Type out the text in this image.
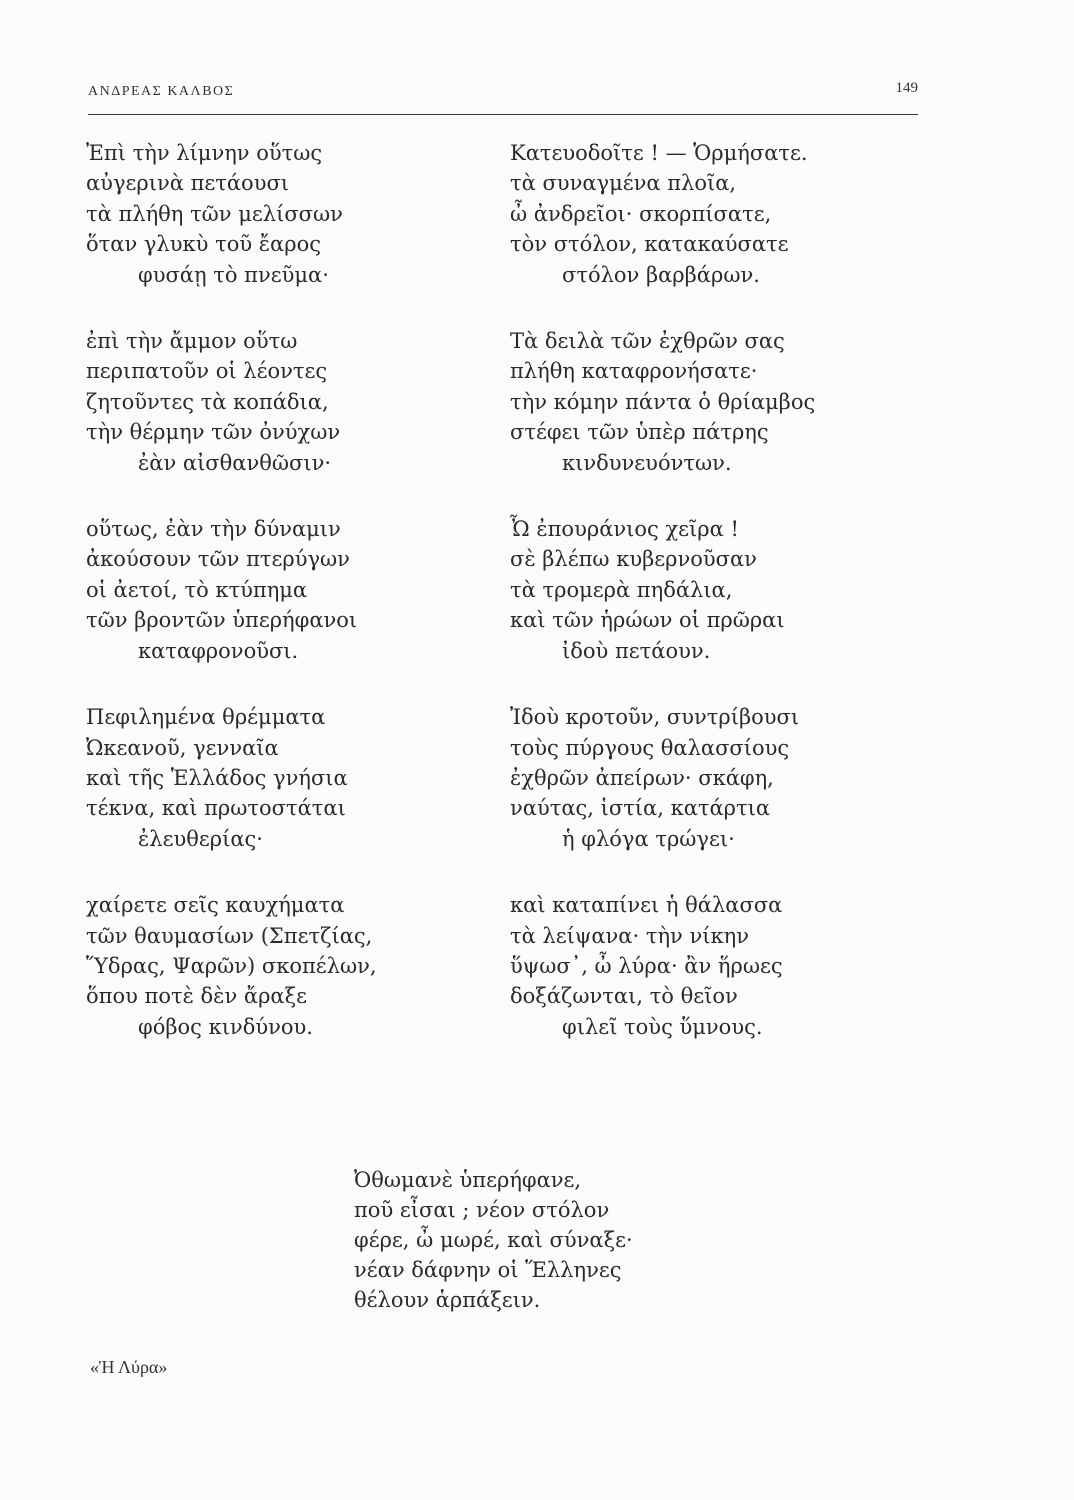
ΑΝΔΡΕΑΣ ΚΑΛΒΟΣ	149
Ἐπὶ τὴν λίμνην οὕτως
αὐγερινὰ πετάουσι
τὰ πλήθη τῶν μελίσσων
ὅταν γλυκὺ τοῦ ἔαρος
φυσάῃ τὸ πνεῦμα·
ἐπὶ τὴν ἄμμον οὕτω
περιπατοῦν οἱ λέοντες
ζητοῦντες τὰ κοπάδια,
τὴν θέρμην τῶν ὀνύχων
ἐὰν αἰσθανθῶσιν·
οὕτως, ἐὰν τὴν δύναμιν
ἀκούσουν τῶν πτερύγων
οἱ ἀετοί, τὸ κτύπημα
τῶν βροντῶν ὑπερήφανοι
καταφρονοῦσι.
Πεφιλημένα θρέμματα
Ὠκεανοῦ, γενναῖα
καὶ τῆς Ἑλλάδος γνήσια
τέκνα, καὶ πρωτοστάται
ἐλευθερίας·
χαίρετε σεῖς καυχήματα
τῶν θαυμασίων (Σπετζίας,
Ὕδρας, Ψαρῶν) σκοπέλων,
ὅπου ποτὲ δὲν ἄραξε
φόβος κινδύνου.
Κατευοδοῖτε ! — Ὁρμήσατε.
τὰ συναγμένα πλοῖα,
ὦ ἀνδρεῖοι· σκορπίσατε,
τὸν στόλον, κατακαύσατε
στόλον βαρβάρων.
Τὰ δειλὰ τῶν ἐχθρῶν σας
πλήθη καταφρονήσατε·
τὴν κόμην πάντα ὁ θρίαμβος
στέφει τῶν ὑπὲρ πάτρης
κινδυνευόντων.
Ὦ ἐπουράνιος χεῖρα !
σὲ βλέπω κυβερνοῦσαν
τὰ τρομερὰ πηδάλια,
καὶ τῶν ἡρώων οἱ πρῶραι
ἰδοὺ πετάουν.
Ἰδοὺ κροτοῦν, συντρίβουσι
τοὺς πύργους θαλασσίους
ἐχθρῶν ἀπείρων· σκάφη,
ναύτας, ἱστία, κατάρτια
ἡ φλόγα τρώγει·
καὶ καταπίνει ἡ θάλασσα
τὰ λείψανα· τὴν νίκην
ὕψωσ᾿, ὦ λύρα· ἂν ἥρωες
δοξάζωνται, τὸ θεῖον
φιλεῖ τοὺς ὕμνους.
Ὀθωμανὲ ὑπερήφανε,
ποῦ εἶσαι ; νέον στόλον
φέρε, ὦ μωρέ, καὶ σύναξε·
νέαν δάφνην οἱ Ἕλληνες
θέλουν ἁρπάξειν.
«Ἡ Λύρα»
